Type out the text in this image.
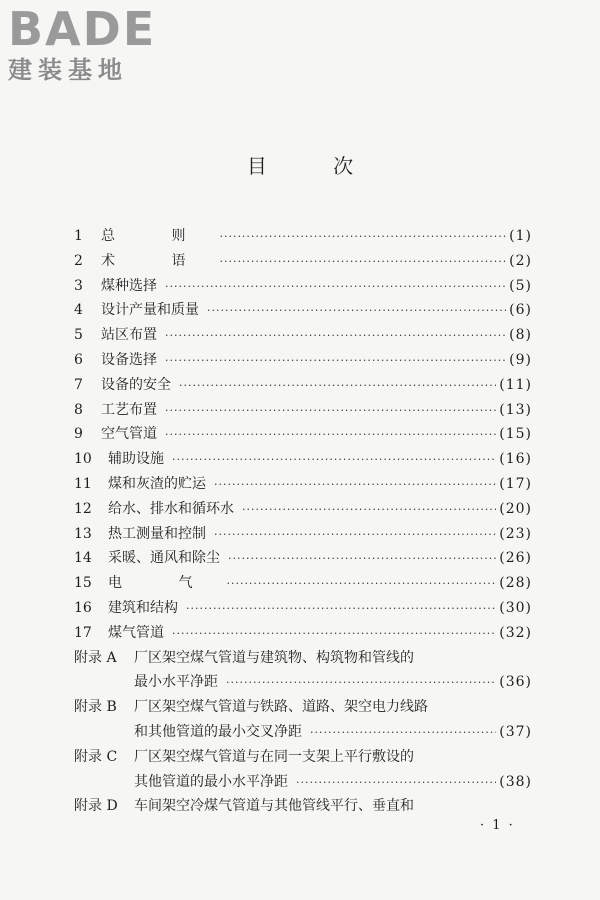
BADE
建装基地
目 次
1	总 则 ·····	(1)
2	术 语 ·····	(2)
3	煤种选择 ·····	(5)
4	设计产量和质量 ·····	(6)
5	站区布置 ·····	(8)
6	设备选择 ·····	(9)
7	设备的安全 ·····	(11)
8	工艺布置 ·····	(13)
9	空气管道 ·····	(15)
10	辅助设施 ·····	(16)
11	煤和灰渣的贮运 ·····	(17)
12	给水、排水和循环水 ·····	(20)
13	热工测量和控制 ·····	(23)
14	采暖、通风和除尘 ·····	(26)
15	电 气 ·····	(28)
16	建筑和结构 ·····	(30)
17	煤气管道 ·····	(32)
附录 A	厂区架空煤气管道与建筑物、构筑物和管线的
最小水平净距 ·····	(36)
附录 B	厂区架空煤气管道与铁路、道路、架空电力线路
和其他管道的最小交叉净距 ·····	(37)
附录 C	厂区架空煤气管道与在同一支架上平行敷设的
其他管道的最小水平净距 ·····	(38)
附录 D	车间架空冷煤气管道与其他管线平行、垂直和
· 1 ·
